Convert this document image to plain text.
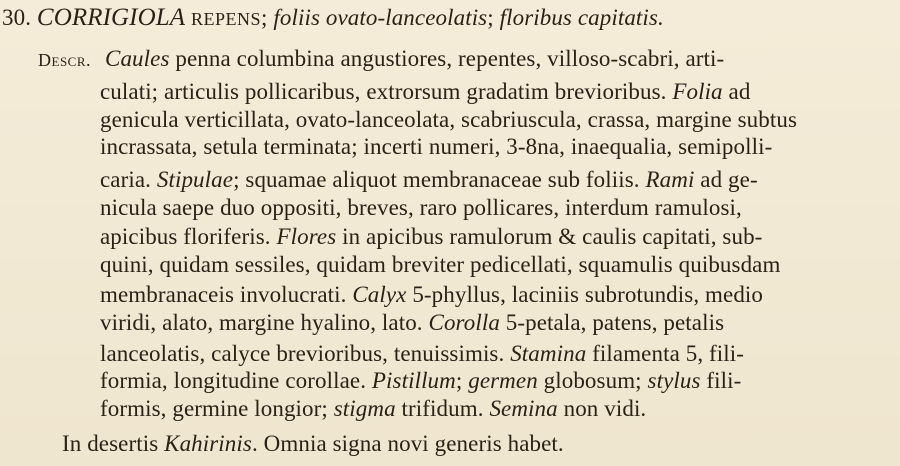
30. CORRIGIOLA REPENS; foliis ovato-lanceolatis; floribus capitatis.
Descr. Caules penna columbina angustiores, repentes, villoso-scabri, arti-
culati; articulis pollicaribus, extrorsum gradatim brevioribus. Folia ad
genicula verticillata, ovato-lanceolata, scabriuscula, crassa, margine subtus
incrassata, setula terminata; incerti numeri, 3-8na, inaequalia, semipolli-
caria. Stipulae; squamae aliquot membranaceae sub foliis. Rami ad ge-
nicula saepe duo oppositi, breves, raro pollicares, interdum ramulosi,
apicibus floriferis. Flores in apicibus ramulorum & caulis capitati, sub-
quini, quidam sessiles, quidam breviter pedicellati, squamulis quibusdam
membranaceis involucrati. Calyx 5-phyllus, laciniis subrotundis, medio
viridi, alato, margine hyalino, lato. Corolla 5-petala, patens, petalis
lanceolatis, calyce brevioribus, tenuissimis. Stamina filamenta 5, fili-
formia, longitudine corollae. Pistillum; germen globosum; stylus fili-
formis, germine longior; stigma trifidum. Semina non vidi.
In desertis Kahirinis. Omnia signa novi generis habet.
